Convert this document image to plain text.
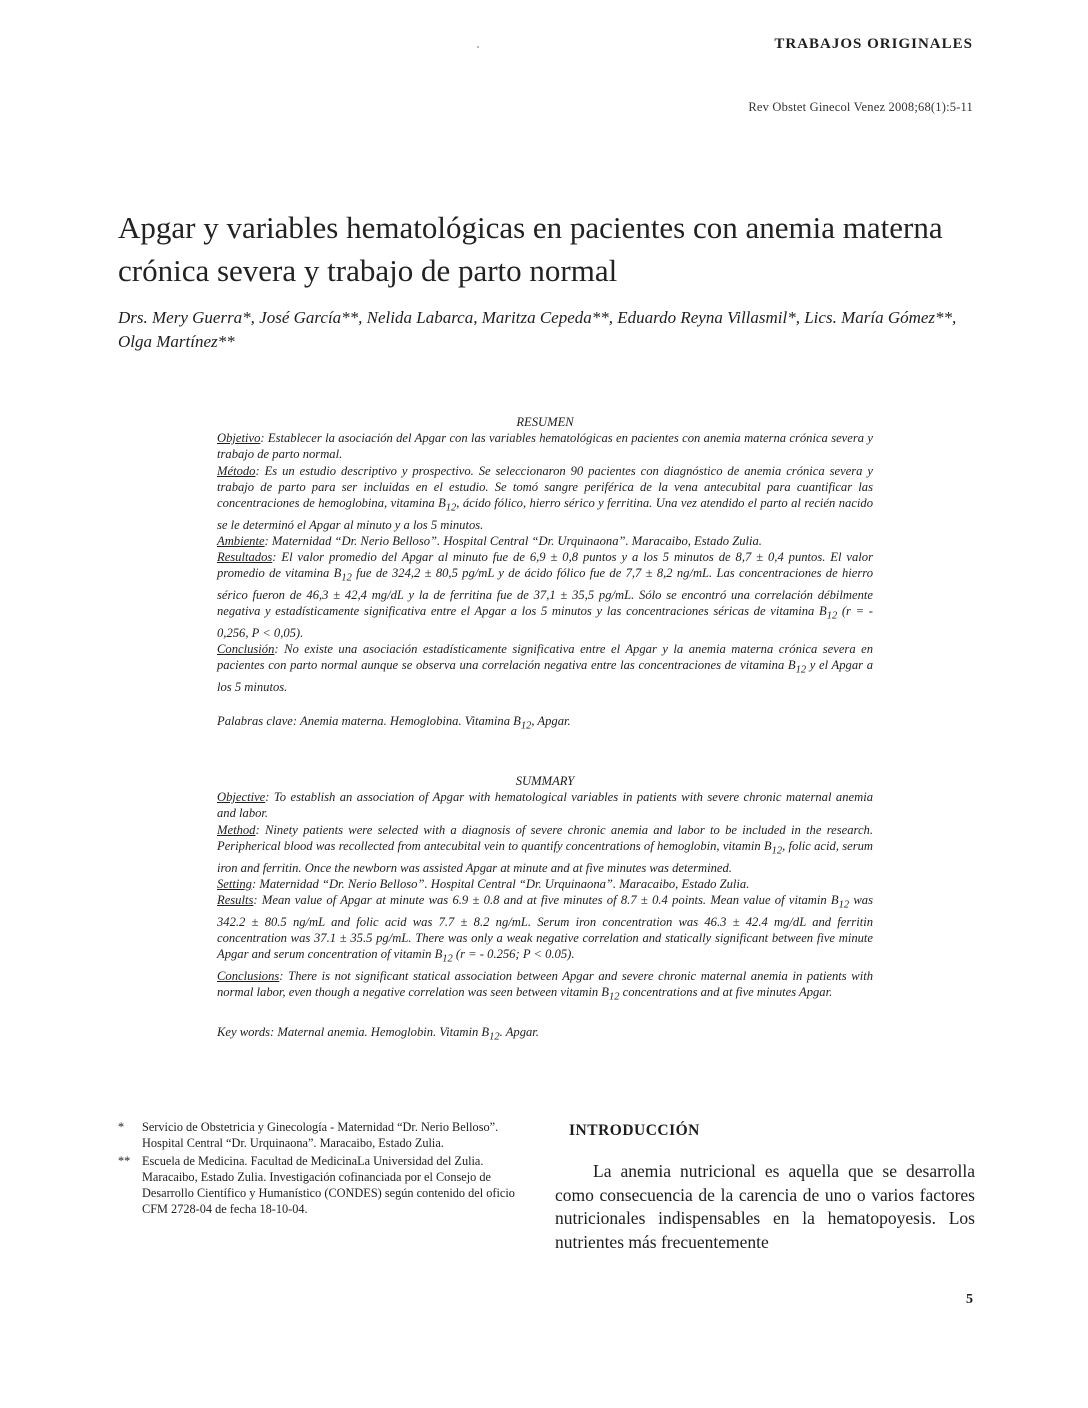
TRABAJOS ORIGINALES
Rev Obstet Ginecol Venez 2008;68(1):5-11
Apgar y variables hematológicas en pacientes con anemia materna crónica severa y trabajo de parto normal
Drs. Mery Guerra*, José García**, Nelida Labarca, Maritza Cepeda**, Eduardo Reyna Villasmil*, Lics. María Gómez**, Olga Martínez**

RESUMEN

Objetivo: Establecer la asociación del Apgar con las variables hematológicas en pacientes con anemia materna crónica severa y trabajo de parto normal.

Método: Es un estudio descriptivo y prospectivo. Se seleccionaron 90 pacientes con diagnóstico de anemia crónica severa y trabajo de parto para ser incluidas en el estudio. Se tomó sangre periférica de la vena antecubital para cuantificar las concentraciones de hemoglobina, vitamina $B_{12}$, ácido fólico, hierro sérico y ferritina. Una vez atendido el parto al recién nacido se le determinó el Apgar al minuto y a los 5 minutos.

Ambiente: Maternidad “Dr. Nerio Belloso”. Hospital Central “Dr. Urquinaona”. Maracaibo, Estado Zulia.

Resultados: El valor promedio del Apgar al minuto fue de 6,9 ± 0,8 puntos y a los 5 minutos de 8,7 ± 0,4 puntos. El valor promedio de vitamina $B_{12}$ fue de 324,2 ± 80,5 pg/mL y de ácido fólico fue de 7,7 ± 8,2 ng/mL. Las concentraciones de hierro sérico fueron de 46,3 ± 42,4 mg/dL y la de ferritina fue de 37,1 ± 35,5 pg/mL. Sólo se encontró una correlación débilmente negativa y estadísticamente significativa entre el Apgar a los 5 minutos y las concentraciones séricas de vitamina $B_{12}$ (r = - 0,256, P < 0,05).

Conclusión: No existe una asociación estadísticamente significativa entre el Apgar y la anemia materna crónica severa en pacientes con parto normal aunque se observa una correlación negativa entre las concentraciones de vitamina $B_{12}$ y el Apgar a los 5 minutos.

Palabras clave: Anemia materna. Hemoglobina. Vitamina $B_{12}$, Apgar.

SUMMARY

Objective: To establish an association of Apgar with hematological variables in patients with severe chronic maternal anemia and labor.

Method: Ninety patients were selected with a diagnosis of severe chronic anemia and labor to be included in the research. Peripherical blood was recollected from antecubital vein to quantify concentrations of hemoglobin, vitamin $B_{12}$, folic acid, serum iron and ferritin. Once the newborn was assisted Apgar at minute and at five minutes was determined.

Setting: Maternidad “Dr. Nerio Belloso”. Hospital Central “Dr. Urquinaona”. Maracaibo, Estado Zulia.

Results: Mean value of Apgar at minute was 6.9 ± 0.8 and at five minutes of 8.7 ± 0.4 points. Mean value of vitamin $B_{12}$ was 342.2 ± 80.5 ng/mL and folic acid was 7.7 ± 8.2 ng/mL. Serum iron concentration was 46.3 ± 42.4 mg/dL and ferritin concentration was 37.1 ± 35.5 pg/mL. There was only a weak negative correlation and statically significant between five minute Apgar and serum concentration of vitamin $B_{12}$ (r = - 0.256; P < 0.05).

Conclusions: There is not significant statical association between Apgar and severe chronic maternal anemia in patients with normal labor, even though a negative correlation was seen between vitamin $B_{12}$ concentrations and at five minutes Apgar.

Key words: Maternal anemia. Hemoglobin. Vitamin $B_{12}$. Apgar.

*	Servicio de Obstetricia y Ginecología - Maternidad “Dr. Nerio Belloso”. Hospital Central “Dr. Urquinaona”. Maracaibo, Estado Zulia.
** Escuela de Medicina. Facultad de MedicinaLa Universidad del Zulia. Maracaibo, Estado Zulia. Investigación cofinanciada por el Consejo de Desarrollo Científico y Humanístico (CONDES) según contenido del oficio CFM 2728-04 de fecha 18-10-04.
INTRODUCCIÓN

La anemia nutricional es aquella que se desarrolla como consecuencia de la carencia de uno o varios factores nutricionales indispensables en la hematopoyesis. Los nutrientes más frecuentemente

5
